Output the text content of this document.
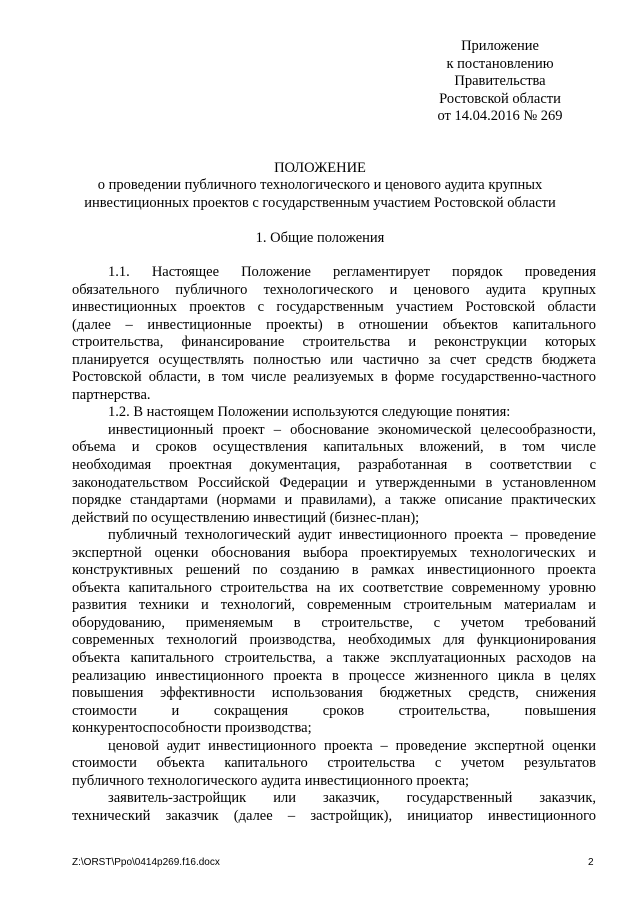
Приложение
к постановлению
Правительства
Ростовской области
от 14.04.2016 № 269
ПОЛОЖЕНИЕ
о проведении публичного технологического и ценового аудита крупных
инвестиционных проектов с государственным участием Ростовской области
1. Общие положения
1.1. Настоящее Положение регламентирует порядок проведения
обязательного публичного технологического и ценового аудита крупных
инвестиционных проектов с государственным участием Ростовской области
(далее – инвестиционные проекты) в отношении объектов капитального
строительства, финансирование строительства и реконструкции которых
планируется осуществлять полностью или частично за счет средств бюджета
Ростовской области, в том числе реализуемых в форме государственно-частного
партнерства.
1.2. В настоящем Положении используются следующие понятия:
инвестиционный проект – обоснование экономической целесообразности,
объема и сроков осуществления капитальных вложений, в том числе
необходимая проектная документация, разработанная в соответствии с
законодательством Российской Федерации и утвержденными в установленном
порядке стандартами (нормами и правилами), а также описание практических
действий по осуществлению инвестиций (бизнес-план);
публичный технологический аудит инвестиционного проекта – проведение
экспертной оценки обоснования выбора проектируемых технологических и
конструктивных решений по созданию в рамках инвестиционного проекта
объекта капитального строительства на их соответствие современному уровню
развития техники и технологий, современным строительным материалам и
оборудованию, применяемым в строительстве, с учетом требований
современных технологий производства, необходимых для функционирования
объекта капитального строительства, а также эксплуатационных расходов на
реализацию инвестиционного проекта в процессе жизненного цикла в целях
повышения эффективности использования бюджетных средств, снижения
стоимости и сокращения сроков строительства, повышения
конкурентоспособности производства;
ценовой аудит инвестиционного проекта – проведение экспертной оценки
стоимости объекта капитального строительства с учетом результатов
публичного технологического аудита инвестиционного проекта;
заявитель-застройщик или заказчик, государственный заказчик,
технический заказчик (далее – застройщик), инициатор инвестиционного
Z:\ORST\Ppo\0414p269.f16.docx	2
